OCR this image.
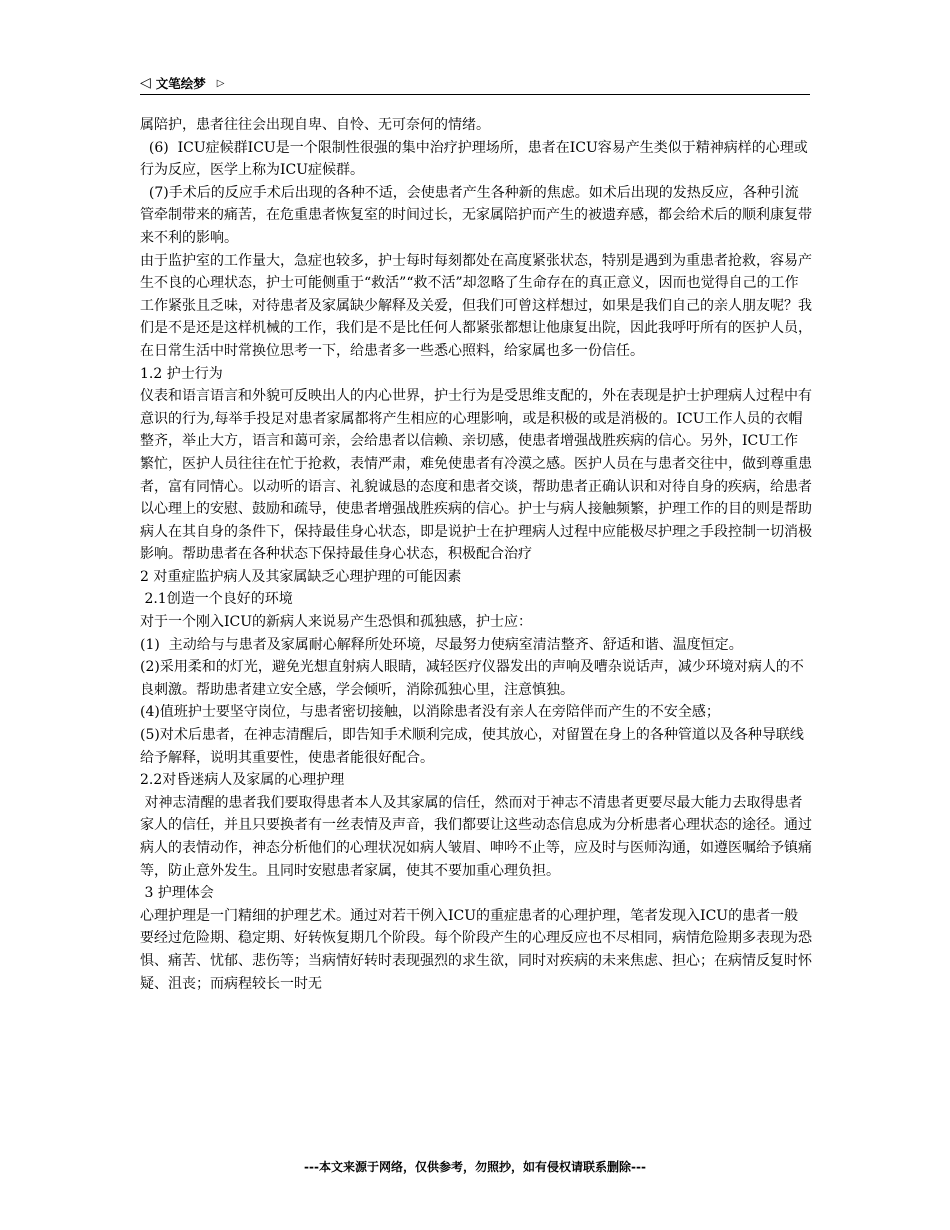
◁ 文笔绘梦 ▷

属陪护，患者往往会出现自卑、自怜、无可奈何的情绪。

(6)  ICU症候群ICU是一个限制性很强的集中治疗护理场所，患者在ICU容易产生类似于精神病样的心理或行为反应，医学上称为ICU症候群。

(7)手术后的反应手术后出现的各种不适，会使患者产生各种新的焦虑。如术后出现的发热反应，各种引流管牵制带来的痛苦，在危重患者恢复室的时间过长，无家属陪护而产生的被遗弃感，都会给术后的顺利康复带来不利的影响。

由于监护室的工作量大，急症也较多，护士每时每刻都处在高度紧张状态，特别是遇到为重患者抢救，容易产生不良的心理状态，护士可能侧重于“救活”“救不活”却忽略了生命存在的真正意义，因而也觉得自己的工作工作紧张且乏味，对待患者及家属缺少解释及关爱，但我们可曾这样想过，如果是我们自己的亲人朋友呢？我们是不是还是这样机械的工作，我们是不是比任何人都紧张都想让他康复出院，因此我呼吁所有的医护人员，在日常生活中时常换位思考一下，给患者多一些悉心照料，给家属也多一份信任。

1.2 护士行为

仪表和语言语言和外貌可反映出人的内心世界，护士行为是受思维支配的，外在表现是护士护理病人过程中有意识的行为,每举手投足对患者家属都将产生相应的心理影响，或是积极的或是消极的。ICU工作人员的衣帽整齐，举止大方，语言和蔼可亲，会给患者以信赖、亲切感，使患者增强战胜疾病的信心。另外，ICU工作繁忙，医护人员往往在忙于抢救，表情严肃，难免使患者有冷漠之感。医护人员在与患者交往中，做到尊重患者，富有同情心。以动听的语言、礼貌诚恳的态度和患者交谈，帮助患者正确认识和对待自身的疾病，给患者以心理上的安慰、鼓励和疏导，使患者增强战胜疾病的信心。护士与病人接触频繁，护理工作的目的则是帮助病人在其自身的条件下，保持最佳身心状态，即是说护士在护理病人过程中应能极尽护理之手段控制一切消极影响。帮助患者在各种状态下保持最佳身心状态，积极配合治疗

2 对重症监护病人及其家属缺乏心理护理的可能因素

2.1创造一个良好的环境

对于一个刚入ICU的新病人来说易产生恐惧和孤独感，护士应：

(1)  主动给与与患者及家属耐心解释所处环境，尽最努力使病室清洁整齐、舒适和谐、温度恒定。

(2)采用柔和的灯光，避免光想直射病人眼睛，减轻医疗仪器发出的声响及嘈杂说话声，减少环境对病人的不良刺激。帮助患者建立安全感，学会倾听，消除孤独心里，注意慎独。

(4)值班护士要坚守岗位，与患者密切接触，以消除患者没有亲人在旁陪伴而产生的不安全感；

(5)对术后患者，在神志清醒后，即告知手术顺利完成，使其放心，对留置在身上的各种管道以及各种导联线给予解释，说明其重要性，使患者能很好配合。

2.2对昏迷病人及家属的心理护理

对神志清醒的患者我们要取得患者本人及其家属的信任，然而对于神志不清患者更要尽最大能力去取得患者家人的信任，并且只要换者有一丝表情及声音，我们都要让这些动态信息成为分析患者心理状态的途径。通过病人的表情动作，神态分析他们的心理状况如病人皱眉、呻吟不止等，应及时与医师沟通，如遵医嘱给予镇痛等，防止意外发生。且同时安慰患者家属，使其不要加重心理负担。

3 护理体会

心理护理是一门精细的护理艺术。通过对若干例入ICU的重症患者的心理护理，笔者发现入ICU的患者一般要经过危险期、稳定期、好转恢复期几个阶段。每个阶段产生的心理反应也不尽相同，病情危险期多表现为恐惧、痛苦、忧郁、悲伤等；当病情好转时表现强烈的求生欲，同时对疾病的未来焦虑、担心；在病情反复时怀疑、沮丧；而病程较长一时无

---本文来源于网络，仅供参考，勿照抄，如有侵权请联系删除---
